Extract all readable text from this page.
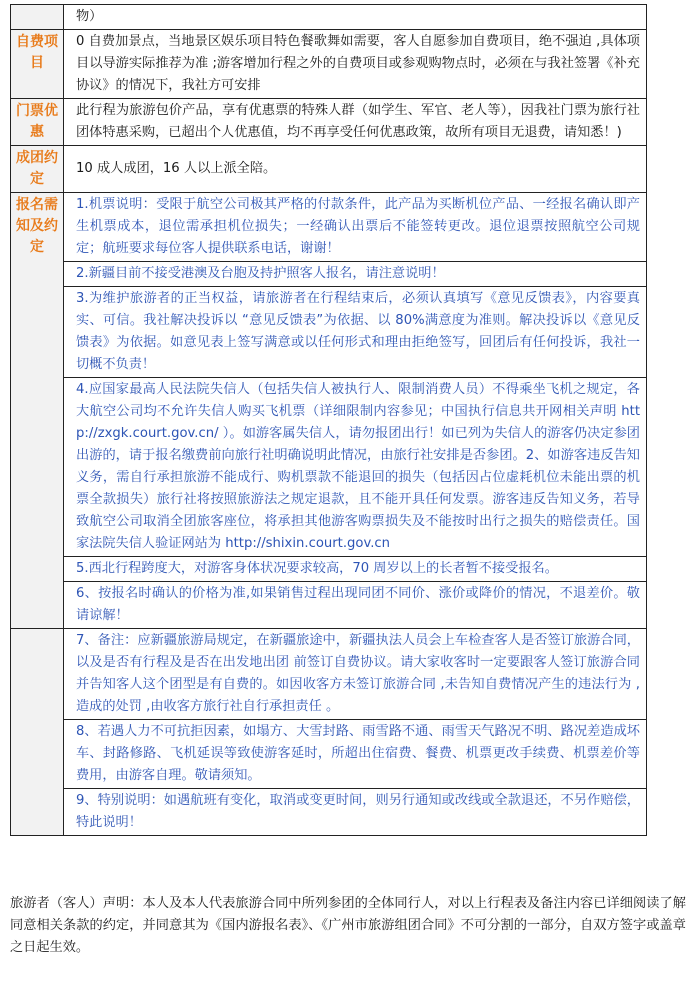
	物）
自费项目	0 自费加景点，当地景区娱乐项目特色餐歌舞如需要，客人自愿参加自费项目，绝不强迫 ,具体项目以导游实际推荐为准 ;游客增加行程之外的自费项目或参观购物点时，必须在与我社签署《补充协议》的情况下，我社方可安排
门票优惠	此行程为旅游包价产品，享有优惠票的特殊人群（如学生、军官、老人等），因我社门票为旅行社团体特惠采购，已超出个人优惠值，均不再享受任何优惠政策，故所有项目无退费，请知悉！)
成团约定	10 成人成团，16 人以上派全陪。
报名需知及约定	1.机票说明：受限于航空公司极其严格的付款条件，此产品为买断机位产品、一经报名确认即产生机票成本，退位需承担机位损失；一经确认出票后不能签转更改。退位退票按照航空公司规定；航班要求每位客人提供联系电话，谢谢！
	2.新疆目前不接受港澳及台胞及持护照客人报名，请注意说明！
	3.为维护旅游者的正当权益，请旅游者在行程结束后，必须认真填写《意见反馈表》，内容要真实、可信。我社解决投诉以 “意见反馈表”为依据、以 80%满意度为准则。解决投诉以《意见反馈表》为依据。如意见表上签写满意或以任何形式和理由拒绝签写，回团后有任何投诉，我社一切概不负责！
	4.应国家最高人民法院失信人（包括失信人被执行人、限制消费人员）不得乘坐飞机之规定，各大航空公司均不允许失信人购买飞机票（详细限制内容参见；中国执行信息共开网相关声明 http://zxgk.court.gov.cn/ ）。如游客属失信人，请勿报团出行！如已列为失信人的游客仍决定参团出游的，请于报名缴费前向旅行社明确说明此情况，由旅行社安排是否参团。2、如游客违反告知义务，需自行承担旅游不能成行、购机票款不能退回的损失（包括因占位虚耗机位未能出票的机票全款损失）旅行社将按照旅游法之规定退款，且不能开具任何发票。游客违反告知义务，若导致航空公司取消全团旅客座位，将承担其他游客购票损失及不能按时出行之损失的赔偿责任。国家法院失信人验证网站为 http://shixin.court.gov.cn
	5.西北行程跨度大，对游客身体状况要求较高，70 周岁以上的长者暂不接受报名。
	6、按报名时确认的价格为准,如果销售过程出现同团不同价、涨价或降价的情况，不退差价。敬请谅解！
	7、备注：应新疆旅游局规定，在新疆旅途中，新疆执法人员会上车检查客人是否签订旅游合同，以及是否有行程及是否在出发地出团 前签订自费协议。请大家收客时一定要跟客人签订旅游合同并告知客人这个团型是有自费的。如因收客方未签订旅游合同 ,未告知自费情况产生的违法行为 ,造成的处罚 ,由收客方旅行社自行承担责任 。
	8、若遇人力不可抗拒因素，如塌方、大雪封路、雨雪路不通、雨雪天气路况不明、路况差造成坏车、封路修路、飞机延误等致使游客延时，所超出住宿费、餐费、机票更改手续费、机票差价等费用，由游客自理。敬请须知。
	9、特别说明：如遇航班有变化，取消或变更时间，则另行通知或改线或全款退还，不另作赔偿，特此说明！
旅游者（客人）声明：本人及本人代表旅游合同中所列参团的全体同行人，对以上行程表及备注内容已详细阅读了解同意相关条款的约定，并同意其为《国内游报名表》、《广州市旅游组团合同》不可分割的一部分，自双方签字或盖章之日起生效。
